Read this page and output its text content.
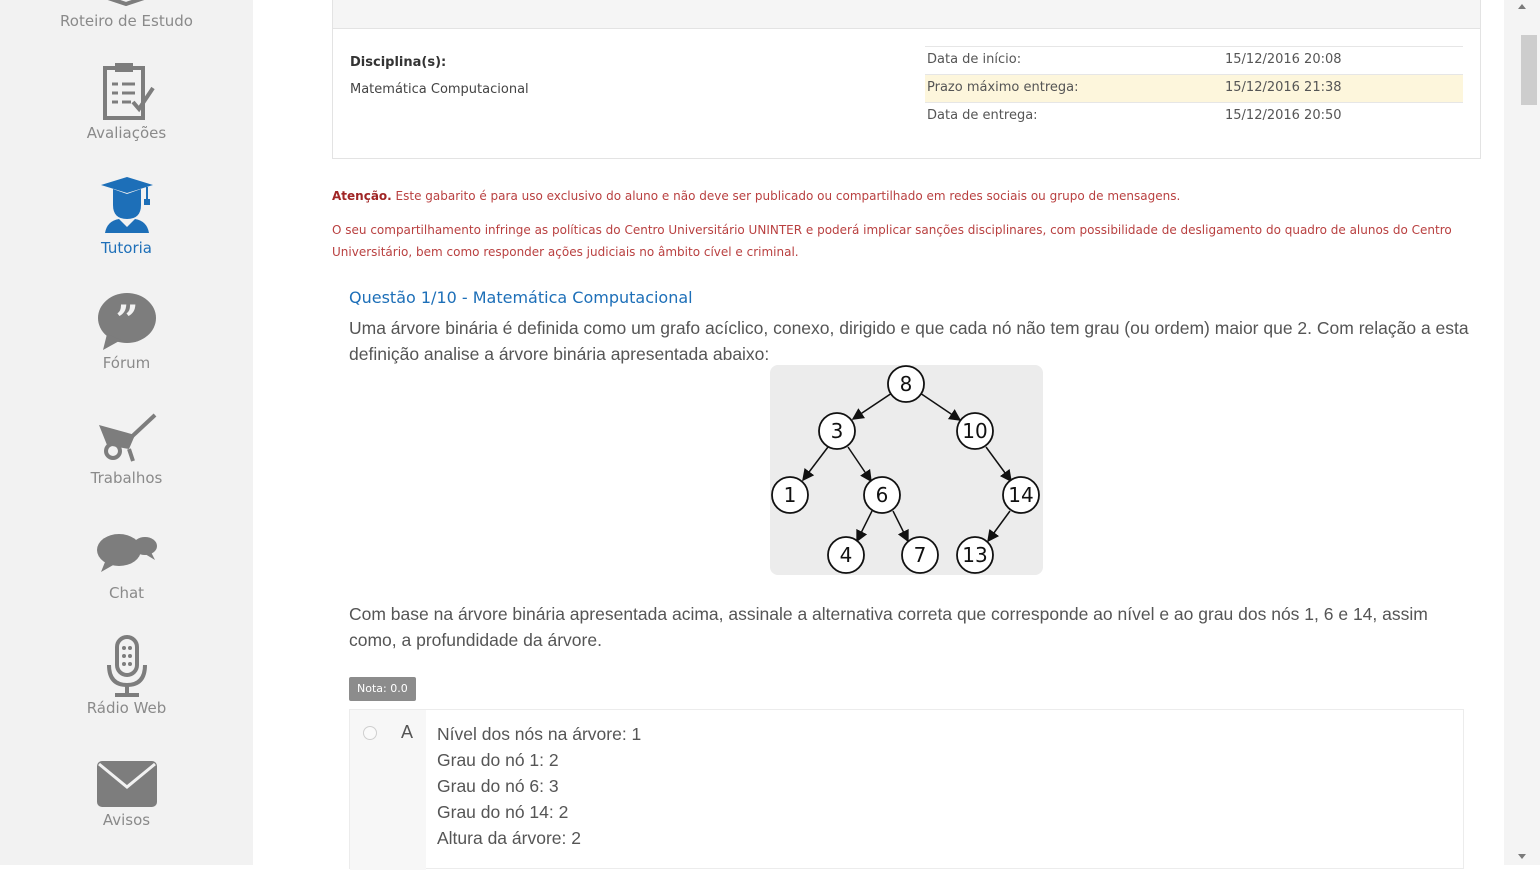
Roteiro de Estudo
Avaliações
Tutoria
”
Fórum
Trabalhos
Chat
Rádio Web
Avisos
Disciplina(s):
Matemática Computacional
Data de início:	15/12/2016 20:08
Prazo máximo entrega:	15/12/2016 21:38
Data de entrega:	15/12/2016 20:50
Atenção. Este gabarito é para uso exclusivo do aluno e não deve ser publicado ou compartilhado em redes sociais ou grupo de mensagens.
O seu compartilhamento infringe as políticas do Centro Universitário UNINTER e poderá implicar sanções disciplinares, com possibilidade de desligamento do quadro de alunos do Centro Universitário, bem como responder ações judiciais no âmbito cível e criminal.
Questão 1/10 - Matemática Computacional
Uma árvore binária é definida como um grafo acíclico, conexo, dirigido e que cada nó não tem grau (ou ordem) maior que 2. Com relação a esta definição analise a árvore binária apresentada abaixo:
8
3	10
1	6	14
4	7 13
Com base na árvore binária apresentada acima, assinale a alternativa correta que corresponde ao nível e ao grau dos nós 1, 6 e 14, assim como, a profundidade da árvore.
Nota: 0.0
A Nível dos nós na árvore: 1
Grau do nó 1: 2
Grau do nó 6: 3
Grau do nó 14: 2
Altura da árvore: 2
